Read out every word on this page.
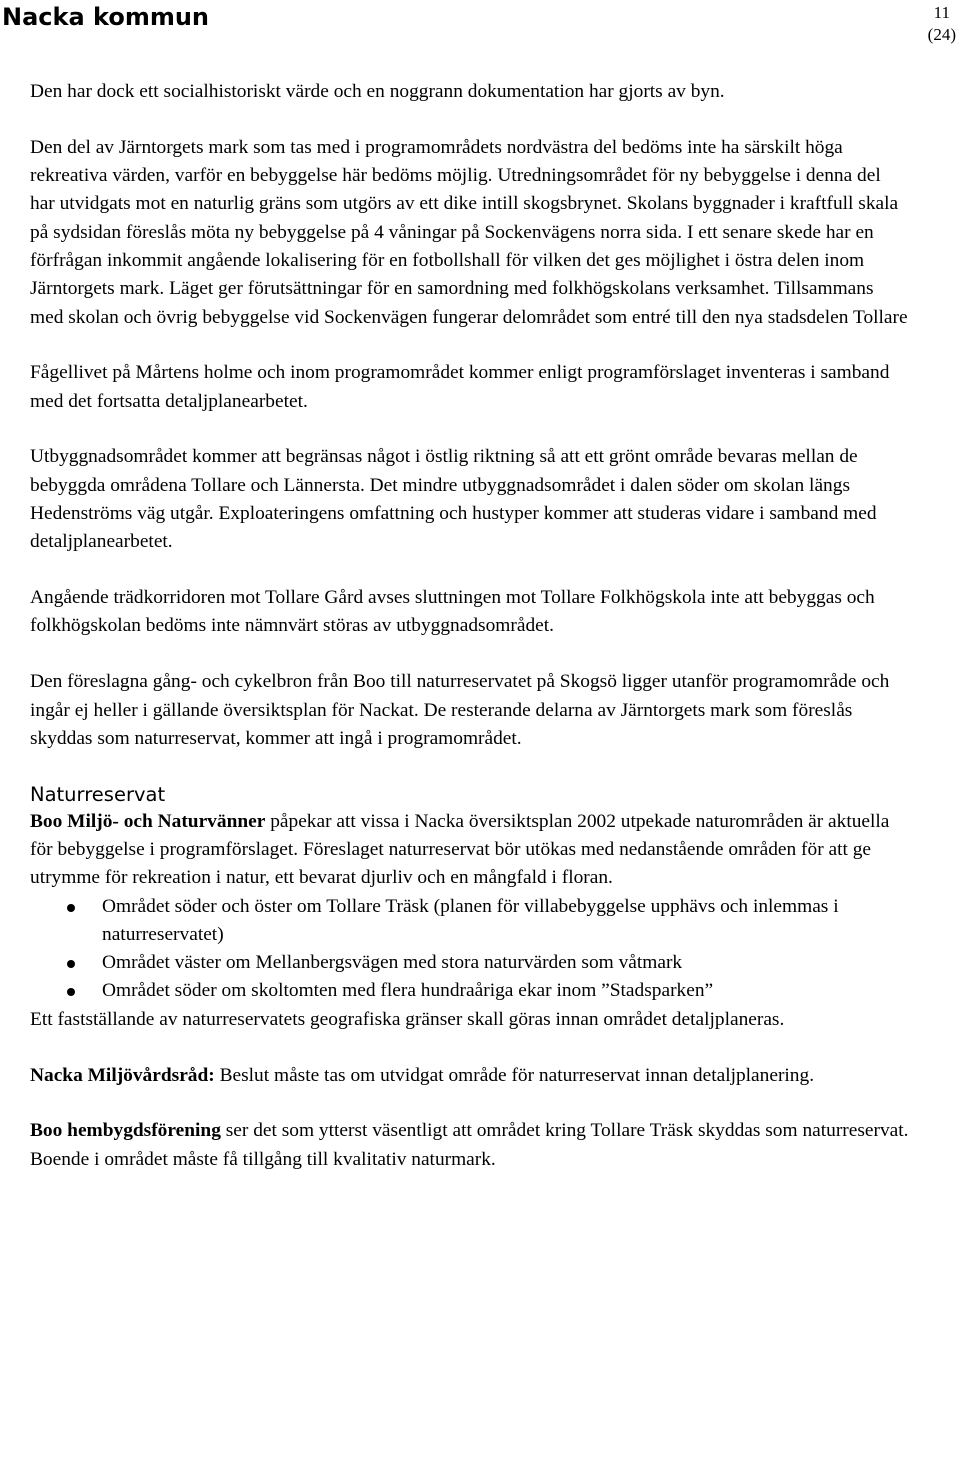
Nacka kommun	11
(24)

Den har dock ett socialhistoriskt värde och en noggrann dokumentation har gjorts av byn.

Den del av Järntorgets mark som tas med i programområdets nordvästra del bedöms inte ha särskilt höga rekreativa värden, varför en bebyggelse här bedöms möjlig. Utredningsområdet för ny bebyggelse i denna del har utvidgats mot en naturlig gräns som utgörs av ett dike intill skogsbrynet. Skolans byggnader i kraftfull skala på sydsidan föreslås möta ny bebyggelse på 4 våningar på Sockenvägens norra sida. I ett senare skede har en förfrågan inkommit angående lokalisering för en fotbollshall för vilken det ges möjlighet i östra delen inom Järntorgets mark. Läget ger förutsättningar för en samordning med folkhögskolans verksamhet. Tillsammans med skolan och övrig bebyggelse vid Sockenvägen fungerar delområdet som entré till den nya stadsdelen Tollare

Fågellivet på Mårtens holme och inom programområdet kommer enligt programförslaget inventeras i samband med det fortsatta detaljplanearbetet.

Utbyggnadsområdet kommer att begränsas något i östlig riktning så att ett grönt område bevaras mellan de bebyggda områdena Tollare och Lännersta. Det mindre utbyggnadsområdet i dalen söder om skolan längs Hedenströms väg utgår. Exploateringens omfattning och hustyper kommer att studeras vidare i samband med detaljplanearbetet.

Angående trädkorridoren mot Tollare Gård avses sluttningen mot Tollare Folkhögskola inte att bebyggas och folkhögskolan bedöms inte nämnvärt störas av utbyggnadsområdet.

Den föreslagna gång- och cykelbron från Boo till naturreservatet på Skogsö ligger utanför programområde och ingår ej heller i gällande översiktsplan för Nackat. De resterande delarna av Järntorgets mark som föreslås skyddas som naturreservat, kommer att ingå i programområdet.

Naturreservat

Boo Miljö- och Naturvänner påpekar att vissa i Nacka översiktsplan 2002 utpekade naturområden är aktuella för bebyggelse i programförslaget. Föreslaget naturreservat bör utökas med nedanstående områden för att ge utrymme för rekreation i natur, ett bevarat djurliv och en mångfald i floran.

Området söder och öster om Tollare Träsk (planen för villabebyggelse upphävs och inlemmas i naturreservatet)
Området väster om Mellanbergsvägen med stora naturvärden som våtmark
Området söder om skoltomten med flera hundraåriga ekar inom ”Stadsparken”

Ett fastställande av naturreservatets geografiska gränser skall göras innan området detaljplaneras.

Nacka Miljövårdsråd: Beslut måste tas om utvidgat område för naturreservat innan detaljplanering.

Boo hembygdsförening ser det som ytterst väsentligt att området kring Tollare Träsk skyddas som naturreservat. Boende i området måste få tillgång till kvalitativ naturmark.
